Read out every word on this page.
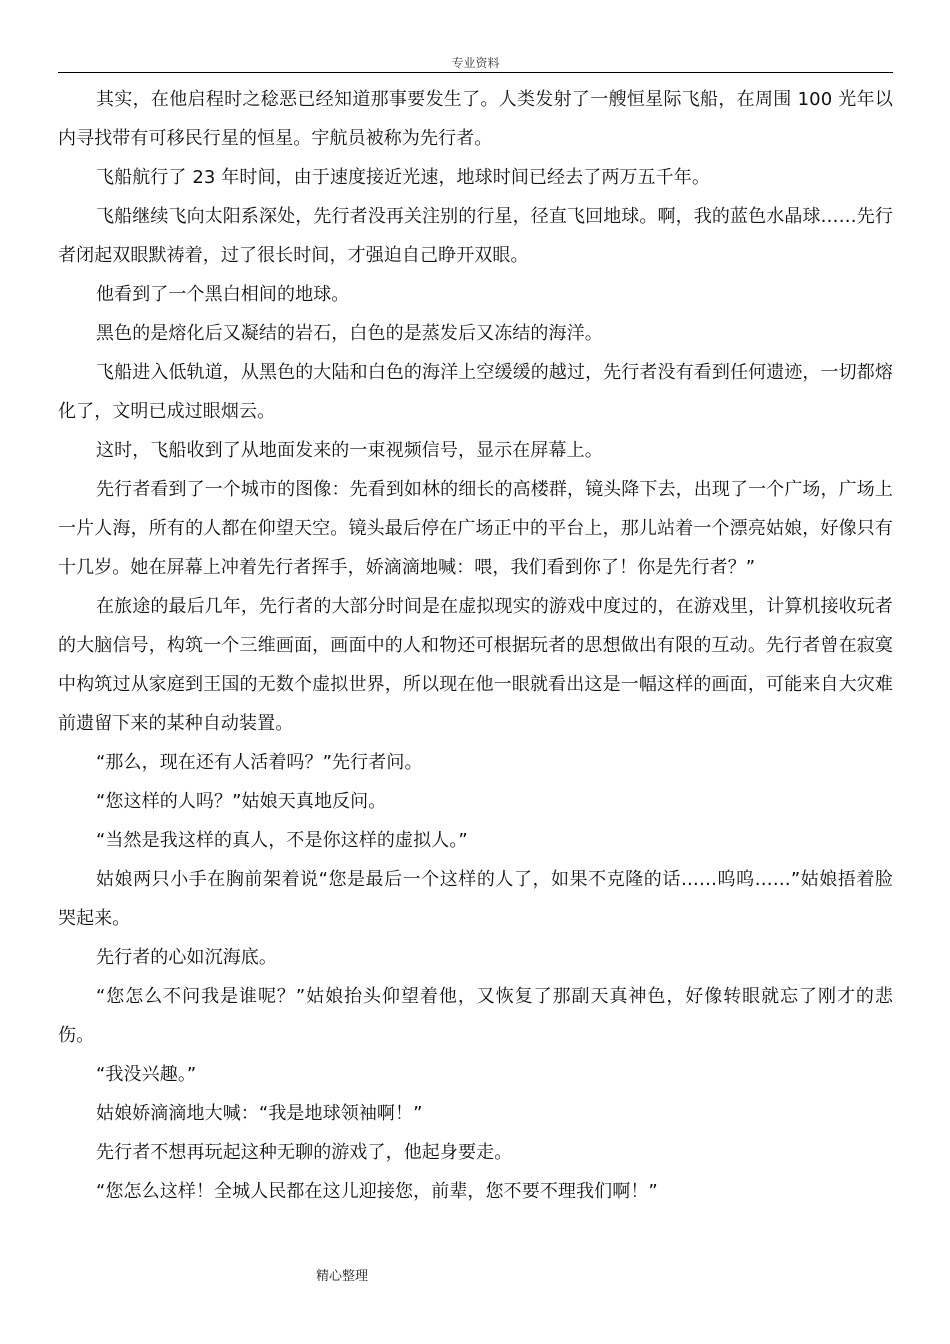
专业资料

其实，在他启程时之稔恶已经知道那事要发生了。人类发射了一艘恒星际飞船，在周围 100 光年以内寻找带有可移民行星的恒星。宇航员被称为先行者。

飞船航行了 23 年时间，由于速度接近光速，地球时间已经去了两万五千年。

飞船继续飞向太阳系深处，先行者没再关注别的行星，径直飞回地球。啊，我的蓝色水晶球……先行者闭起双眼默祷着，过了很长时间，才强迫自己睁开双眼。

他看到了一个黑白相间的地球。

黑色的是熔化后又凝结的岩石，白色的是蒸发后又冻结的海洋。

飞船进入低轨道，从黑色的大陆和白色的海洋上空缓缓的越过，先行者没有看到任何遗迹，一切都熔化了，文明已成过眼烟云。

这时，飞船收到了从地面发来的一束视频信号，显示在屏幕上。

先行者看到了一个城市的图像：先看到如林的细长的高楼群，镜头降下去，出现了一个广场，广场上一片人海，所有的人都在仰望天空。镜头最后停在广场正中的平台上，那儿站着一个漂亮姑娘，好像只有十几岁。她在屏幕上冲着先行者挥手，娇滴滴地喊：喂，我们看到你了！你是先行者？”

在旅途的最后几年，先行者的大部分时间是在虚拟现实的游戏中度过的，在游戏里，计算机接收玩者的大脑信号，构筑一个三维画面，画面中的人和物还可根据玩者的思想做出有限的互动。先行者曾在寂寞中构筑过从家庭到王国的无数个虚拟世界，所以现在他一眼就看出这是一幅这样的画面，可能来自大灾难前遗留下来的某种自动装置。

“那么，现在还有人活着吗？”先行者问。

“您这样的人吗？”姑娘天真地反问。

“当然是我这样的真人，不是你这样的虚拟人。”

姑娘两只小手在胸前架着说“您是最后一个这样的人了，如果不克隆的话……呜呜……”姑娘捂着脸哭起来。

先行者的心如沉海底。

“您怎么不问我是谁呢？”姑娘抬头仰望着他，又恢复了那副天真神色，好像转眼就忘了刚才的悲伤。

“我没兴趣。”

姑娘娇滴滴地大喊：“我是地球领袖啊！”

先行者不想再玩起这种无聊的游戏了，他起身要走。

“您怎么这样！全城人民都在这儿迎接您，前辈，您不要不理我们啊！”

精心整理
